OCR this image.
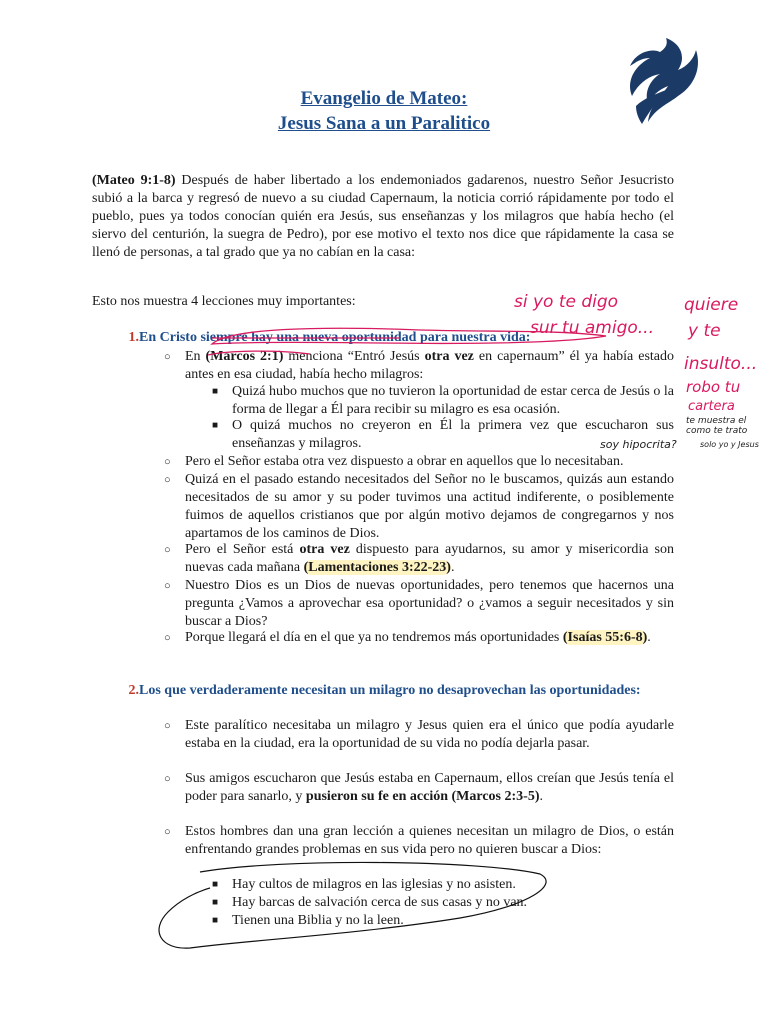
Evangelio de Mateo:
Jesus Sana a un Paralitico

(Mateo 9:1-8) Después de haber libertado a los endemoniados gadarenos, nuestro Señor Jesucristo subió a la barca y regresó de nuevo a su ciudad Capernaum, la noticia corrió rápidamente por todo el pueblo, pues ya todos conocían quién era Jesús, sus enseñanzas y los milagros que había hecho (el siervo del centurión, la suegra de Pedro), por ese motivo el texto nos dice que rápidamente la casa se llenó de personas, a tal grado que ya no cabían en la casa:

Esto nos muestra 4 lecciones muy importantes:

1. En Cristo siempre hay una nueva oportunidad para nuestra vida:

○ En (Marcos 2:1) menciona “Entró Jesús otra vez en capernaum” él ya había estado antes en esa ciudad, había hecho milagros:

■ Quizá hubo muchos que no tuvieron la oportunidad de estar cerca de Jesús o la forma de llegar a Él para recibir su milagro es esa ocasión.

■ O quizá muchos no creyeron en Él la primera vez que escucharon sus enseñanzas y milagros.

○ Pero el Señor estaba otra vez dispuesto a obrar en aquellos que lo necesitaban.

○ Quizá en el pasado estando necesitados del Señor no le buscamos, quizás aun estando necesitados de su amor y su poder tuvimos una actitud indiferente, o posiblemente fuimos de aquellos cristianos que por algún motivo dejamos de congregarnos y nos apartamos de los caminos de Dios.

○ Pero el Señor está otra vez dispuesto para ayudarnos, su amor y misericordia son nuevas cada mañana (Lamentaciones 3:22-23).

○ Nuestro Dios es un Dios de nuevas oportunidades, pero tenemos que hacernos una pregunta ¿Vamos a aprovechar esa oportunidad? o ¿vamos a seguir necesitados y sin buscar a Dios?

○ Porque llegará el día en el que ya no tendremos más oportunidades (Isaías 55:6-8).

2. Los que verdaderamente necesitan un milagro no desaprovechan las oportunidades:

○ Este paralítico necesitaba un milagro y Jesus quien era el único que podía ayudarle estaba en la ciudad, era la oportunidad de su vida no podía dejarla pasar.

○ Sus amigos escucharon que Jesús estaba en Capernaum, ellos creían que Jesús tenía el poder para sanarlo, y pusieron su fe en acción (Marcos 2:3-5).

○ Estos hombres dan una gran lección a quienes necesitan un milagro de Dios, o están enfrentando grandes problemas en sus vida pero no quieren buscar a Dios:

■ Hay cultos de milagros en las iglesias y no asisten.

■ Hay barcas de salvación cerca de sus casas y no van.

■ Tienen una Biblia y no la leen.

si yo te digo	quiere
sur tu amigo... y te
insulto...
robo tu
cartera
te muestra el
como te trato
soy hipocrita?	solo yo y Jesus
